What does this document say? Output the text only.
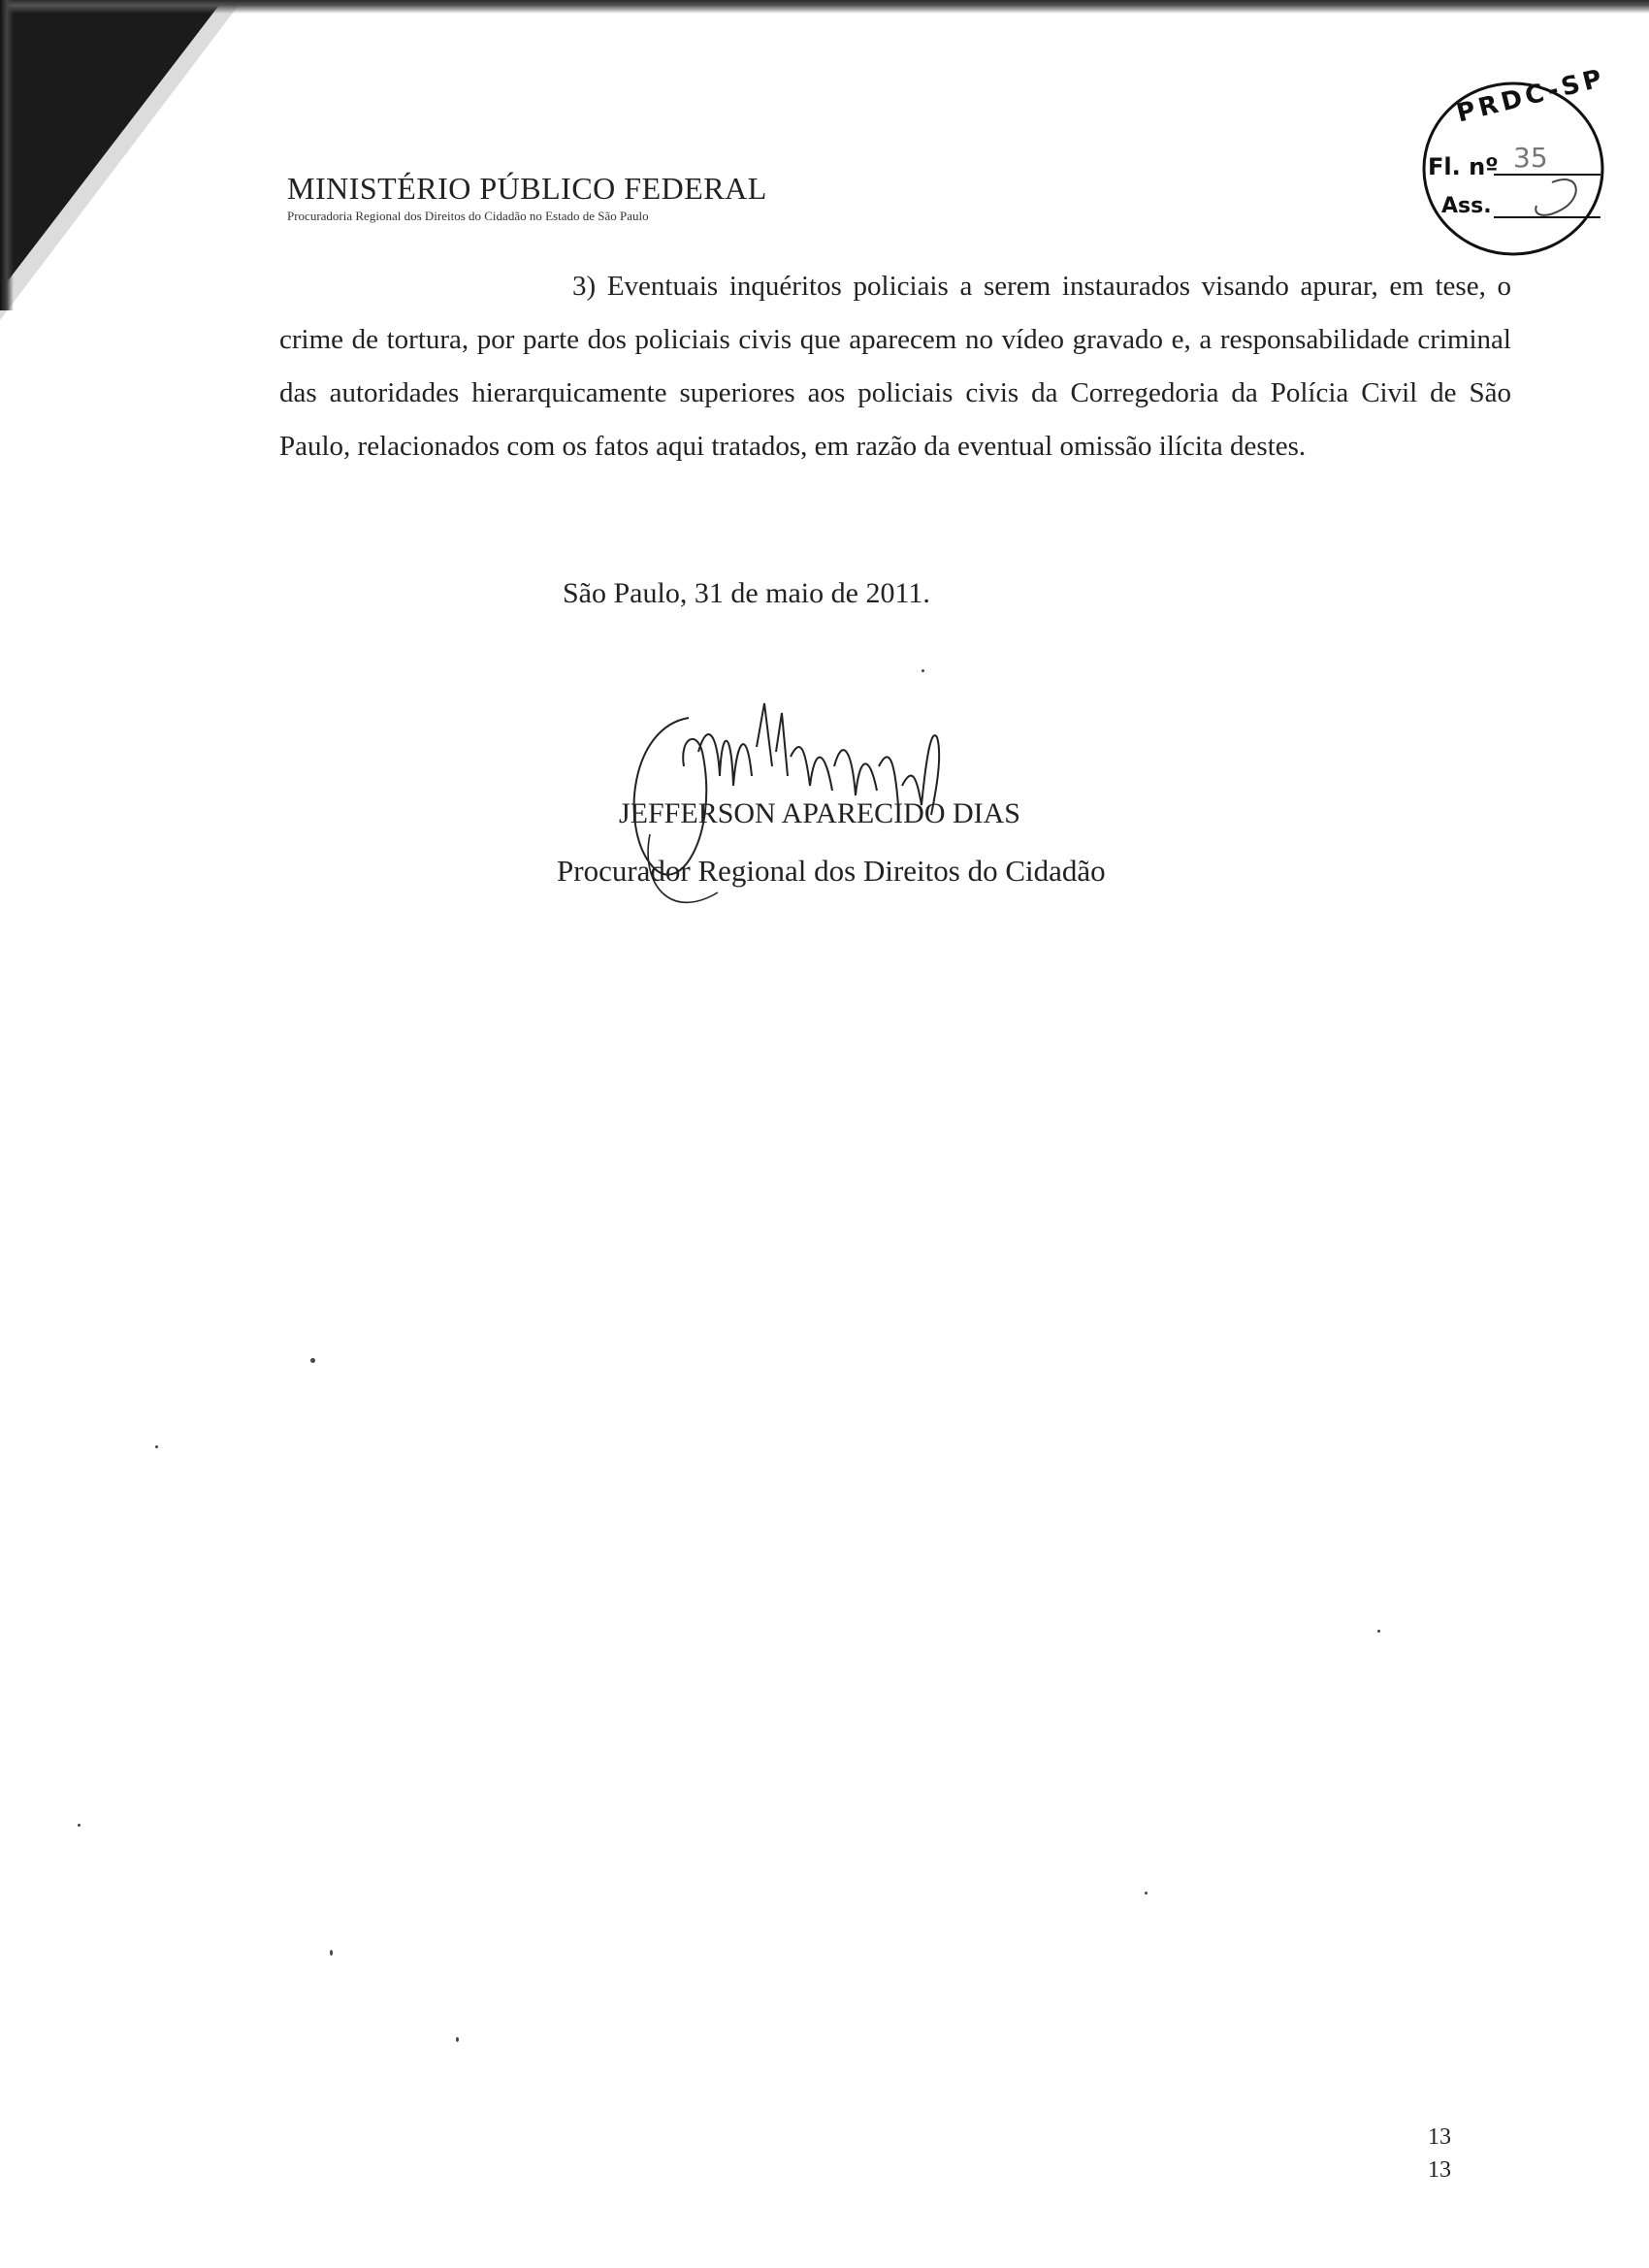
MINISTÉRIO PÚBLICO FEDERAL
Procuradoria Regional dos Direitos do Cidadão no Estado de São Paulo
PRDC-SP
Fl. nº 35
Ass.

3) Eventuais inquéritos policiais a serem instaurados visando apurar, em tese, o crime de tortura, por parte dos policiais civis que aparecem no vídeo gravado e, a responsabilidade criminal das autoridades hierarquicamente superiores aos policiais civis da Corregedoria da Polícia Civil de São Paulo, relacionados com os fatos aqui tratados, em razão da eventual omissão ilícita destes.

São Paulo, 31 de maio de 2011.
JEFFERSON APARECIDO DIAS
Procurador Regional dos Direitos do Cidadão
13
13
